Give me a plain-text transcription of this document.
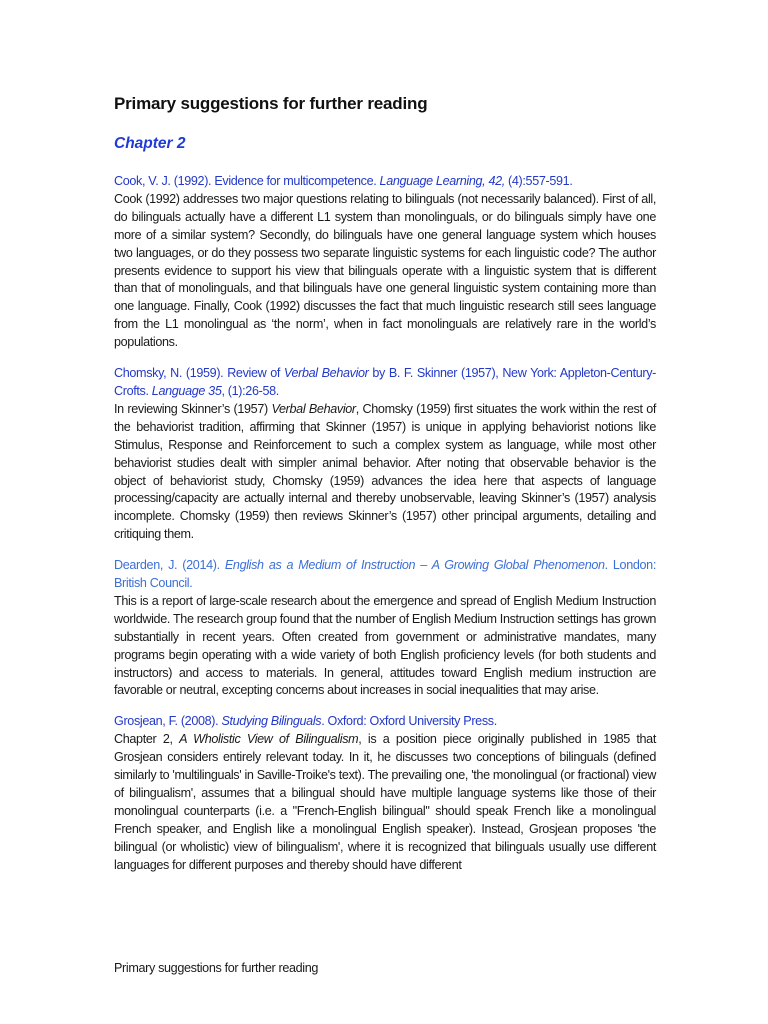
Primary suggestions for further reading
Chapter 2

Cook, V. J. (1992). Evidence for multicompetence. Language Learning, 42, (4):557-591.

Cook (1992) addresses two major questions relating to bilinguals (not necessarily balanced). First of all, do bilinguals actually have a different L1 system than monolinguals, or do bilinguals simply have one more of a similar system? Secondly, do bilinguals have one general language system which houses two languages, or do they possess two separate linguistic systems for each linguistic code? The author presents evidence to support his view that bilinguals operate with a linguistic system that is different than that of monolinguals, and that bilinguals have one general linguistic system containing more than one language. Finally, Cook (1992) discusses the fact that much linguistic research still sees language from the L1 monolingual as ‘the norm’, when in fact monolinguals are relatively rare in the world’s populations.

Chomsky, N. (1959). Review of Verbal Behavior by B. F. Skinner (1957), New York: Appleton-Century-Crofts. Language 35, (1):26-58.

In reviewing Skinner’s (1957) Verbal Behavior, Chomsky (1959) first situates the work within the rest of the behaviorist tradition, affirming that Skinner (1957) is unique in applying behaviorist notions like Stimulus, Response and Reinforcement to such a complex system as language, while most other behaviorist studies dealt with simpler animal behavior. After noting that observable behavior is the object of behaviorist study, Chomsky (1959) advances the idea here that aspects of language processing/capacity are actually internal and thereby unobservable, leaving Skinner’s (1957) analysis incomplete. Chomsky (1959) then reviews Skinner’s (1957) other principal arguments, detailing and critiquing them.

Dearden, J. (2014). English as a Medium of Instruction – A Growing Global Phenomenon. London: British Council.

This is a report of large-scale research about the emergence and spread of English Medium Instruction worldwide. The research group found that the number of English Medium Instruction settings has grown substantially in recent years. Often created from government or administrative mandates, many programs begin operating with a wide variety of both English proficiency levels (for both students and instructors) and access to materials. In general, attitudes toward English medium instruction are favorable or neutral, excepting concerns about increases in social inequalities that may arise.

Grosjean, F. (2008). Studying Bilinguals. Oxford: Oxford University Press.

Chapter 2, A Wholistic View of Bilingualism, is a position piece originally published in 1985 that Grosjean considers entirely relevant today. In it, he discusses two conceptions of bilinguals (defined similarly to 'multilinguals' in Saville-Troike's text). The prevailing one, 'the monolingual (or fractional) view of bilingualism', assumes that a bilingual should have multiple language systems like those of their monolingual counterparts (i.e. a "French-English bilingual" should speak French like a monolingual French speaker, and English like a monolingual English speaker). Instead, Grosjean proposes 'the bilingual (or wholistic) view of bilingualism', where it is recognized that bilinguals usually use different languages for different purposes and thereby should have different

Primary suggestions for further reading
